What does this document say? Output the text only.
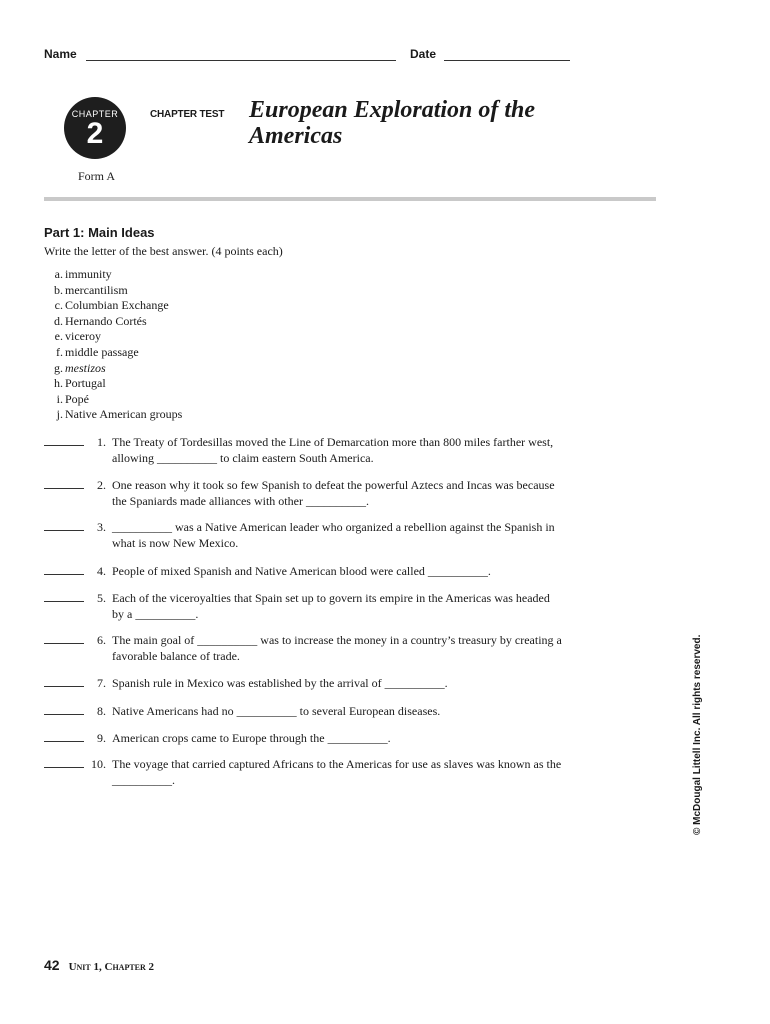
Name	Date
CHAPTER
2
Form A
CHAPTER TEST European Exploration of the Americas
Part 1: Main Ideas
Write the letter of the best answer. (4 points each)
a. immunity
b. mercantilism
c. Columbian Exchange
d. Hernando Cortés
e. viceroy
f. middle passage
g. mestizos
h. Portugal
i. Popé
j. Native American groups
1. The Treaty of Tordesillas moved the Line of Demarcation more than 800 miles farther west, allowing __________ to claim eastern South America.
2. One reason why it took so few Spanish to defeat the powerful Aztecs and Incas was because the Spaniards made alliances with other __________.
3. __________ was a Native American leader who organized a rebellion against the Spanish in what is now New Mexico.
4. People of mixed Spanish and Native American blood were called __________.
5. Each of the viceroyalties that Spain set up to govern its empire in the Americas was headed by a __________.
6. The main goal of __________ was to increase the money in a country’s treasury by creating a favorable balance of trade.
7. Spanish rule in Mexico was established by the arrival of __________.
8. Native Americans had no __________ to several European diseases.
9. American crops came to Europe through the __________.
10. The voyage that carried captured Africans to the Americas for use as slaves was known as the __________.	© McDougal Littell Inc. All rights reserved.
42 Unit 1, Chapter 2
